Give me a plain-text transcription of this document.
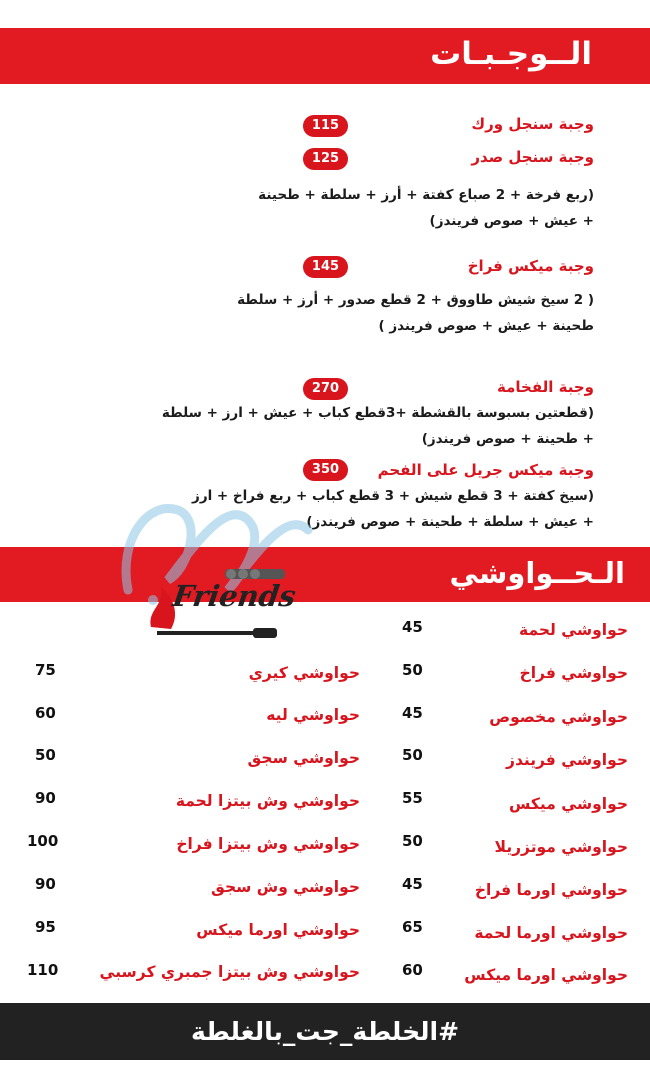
الــوجـبـات
وجبة سنجل ورك
115
وجبة سنجل صدر
125
(ربع فرخة + 2 صباع كفتة + أرز + سلطة + طحينة
+ عيش + صوص فريندز)
وجبة ميكس فراخ
145
( 2 سيخ شيش طاووق + 2 قطع صدور + أرز + سلطة
طحينة + عيش + صوص فريندز )
وجبة الفخامة
270
(قطعتين بسبوسة بالقشطة +3قطع كباب + عيش + ارز + سلطة
+ طحينة + صوص فريندز)
وجبة ميكس جريل على الفحم
350
(سيخ كفتة + 3 قطع شيش + 3 قطع كباب + ربع فراخ + ارز
+ عيش + سلطة + طحينة + صوص فريندز)
الـحــواوشي
Friends
حواوشي لحمة
45
حواوشي فراخ
50
حواوشي مخصوص
45
حواوشي فريندز
50
حواوشي ميكس
55
حواوشي موتزريلا
50
حواوشي اورما فراخ
45
حواوشي اورما لحمة
65
حواوشي اورما ميكس
60
حواوشي كيري
75
حواوشي ليه
60
حواوشي سجق
50
حواوشي وش بيتزا لحمة
90
حواوشي وش بيتزا فراخ
100
حواوشي وش سجق
90
حواوشي اورما ميكس
95
حواوشي وش بيتزا جمبري كرسبي
110
#الخلطة_جت_بالغلطة
